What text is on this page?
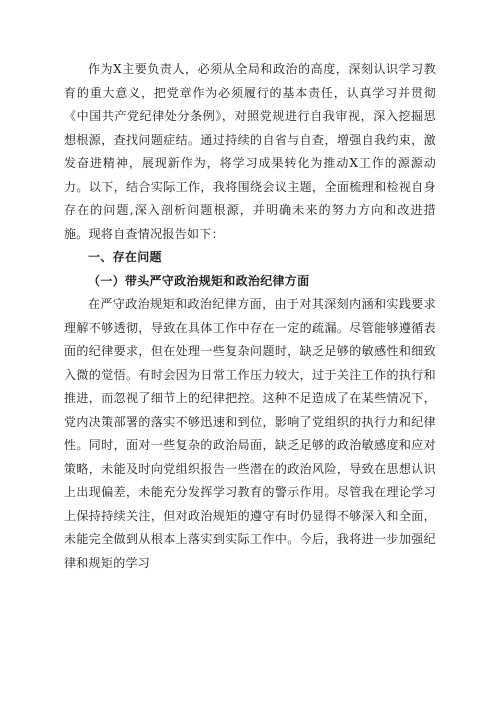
作为X主要负责人，必须从全局和政治的高度，深刻认识学习教育的重大意义，把党章作为必须履行的基本责任，认真学习并贯彻《中国共产党纪律处分条例》，对照党规进行自我审视，深入挖掘思想根源，查找问题症结。通过持续的自省与自查，增强自我约束，激发奋进精神，展现新作为，将学习成果转化为推动X工作的源源动力。以下，结合实际工作，我将围绕会议主题，全面梳理和检视自身存在的问题,深入剖析问题根源，并明确未来的努力方向和改进措施。现将自查情况报告如下：

一、存在问题

（一）带头严守政治规矩和政治纪律方面

在严守政治规矩和政治纪律方面，由于对其深刻内涵和实践要求理解不够透彻，导致在具体工作中存在一定的疏漏。尽管能够遵循表面的纪律要求，但在处理一些复杂问题时，缺乏足够的敏感性和细致入微的觉悟。有时会因为日常工作压力较大，过于关注工作的执行和推进，而忽视了细节上的纪律把控。这种不足造成了在某些情况下，党内决策部署的落实不够迅速和到位，影响了党组织的执行力和纪律性。同时，面对一些复杂的政治局面，缺乏足够的政治敏感度和应对策略，未能及时向党组织报告一些潜在的政治风险，导致在思想认识上出现偏差，未能充分发挥学习教育的警示作用。尽管我在理论学习上保持持续关注，但对政治规矩的遵守有时仍显得不够深入和全面，未能完全做到从根本上落实到实际工作中。今后，我将进一步加强纪律和规矩的学习
